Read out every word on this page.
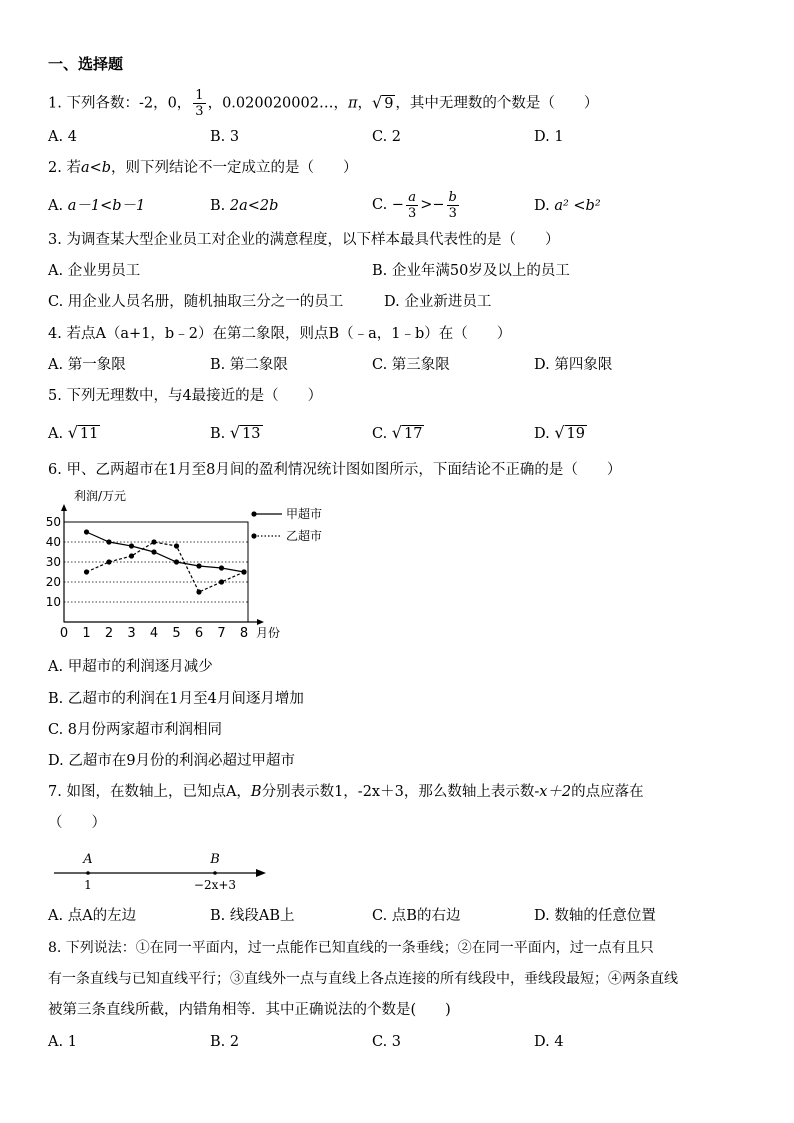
一、选择题
1. 下列各数：-2，0， $\frac{1}{3}$ ，0.020020002…，π，√ 9 ，其中无理数的个数是（　　）
A. 4	B. 3	C. 2	D. 1
2. 若a<b，则下列结论不一定成立的是（　　）
A. a－1<b－1	B. 2a<2b	C. − $\frac{a}{3} >- \frac{b}{3}$	D. a² <b²
3. 为调查某大型企业员工对企业的满意程度，以下样本最具代表性的是（　　）
A. 企业男员工	B. 企业年满50岁及以上的员工
C. 用企业人员名册，随机抽取三分之一的员工	D. 企业新进员工
4. 若点A（a+1，b﹣2）在第二象限，则点B（﹣a，1﹣b）在（　　）
A. 第一象限	B. 第二象限	C. 第三象限	D. 第四象限
5. 下列无理数中，与4最接近的是（　　）
A. √ 11	B. √ 13	C. √ 17	D. √ 19
6. 甲、乙两超市在1月至8月间的盈利情况统计图如图所示，下面结论不正确的是（　　）
10
20
30
40
50
0 1 2 3 4 5 6 7 8 月份
利润/万元
甲超市
乙超市
A. 甲超市的利润逐月减少
B. 乙超市的利润在1月至4月间逐月增加
C. 8月份两家超市利润相同
D. 乙超市在9月份的利润必超过甲超市
7. 如图，在数轴上，已知点A，B分别表示数1，-2x＋3，那么数轴上表示数-x＋2的点应落在
（　　）
A
1
B
−2x+3
A. 点A的左边	B. 线段AB上	C. 点B的右边	D. 数轴的任意位置
8. 下列说法：①在同一平面内，过一点能作已知直线的一条垂线；②在同一平面内，过一点有且只
有一条直线与已知直线平行；③直线外一点与直线上各点连接的所有线段中，垂线段最短；④两条直线
被第三条直线所截，内错角相等．其中正确说法的个数是(　　)
A. 1	B. 2	C. 3	D. 4
